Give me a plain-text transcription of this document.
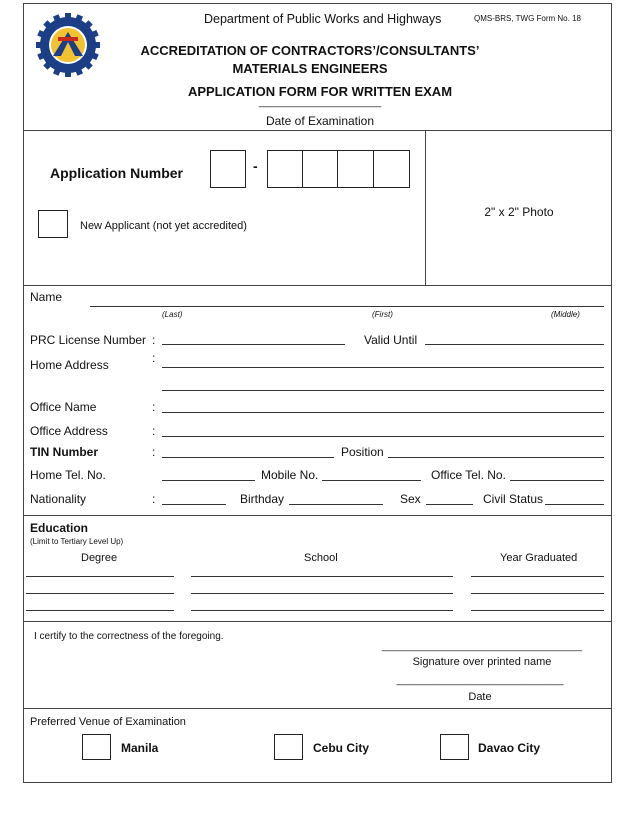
Department of Public Works and Highways	QMS-BRS, TWG Form No. 18
ACCREDITATION OF CONTRACTORS’/CONSULTANTS’
MATERIALS ENGINEERS
APPLICATION FORM FOR WRITTEN EXAM
______________________
Date of Examination
Application Number	-
New Applicant (not yet accredited)
2" x 2" Photo
Name
(Last)	(First)	(Middle)
PRC License Number :	Valid Until
Home Address	:
Office Name	:
Office Address	:
TIN Number	:	Position
Home Tel. No.	Mobile No.	Office Tel. No.
Nationality	:	Birthday	Sex	Civil Status
Education
(Limit to Tertiary Level Up)
Degree	School	Year Graduated
I certify to the correctness of the foregoing.
____________________________________
Signature over printed name
______________________________
Date
Preferred Venue of Examination
Manila	Cebu City	Davao City
